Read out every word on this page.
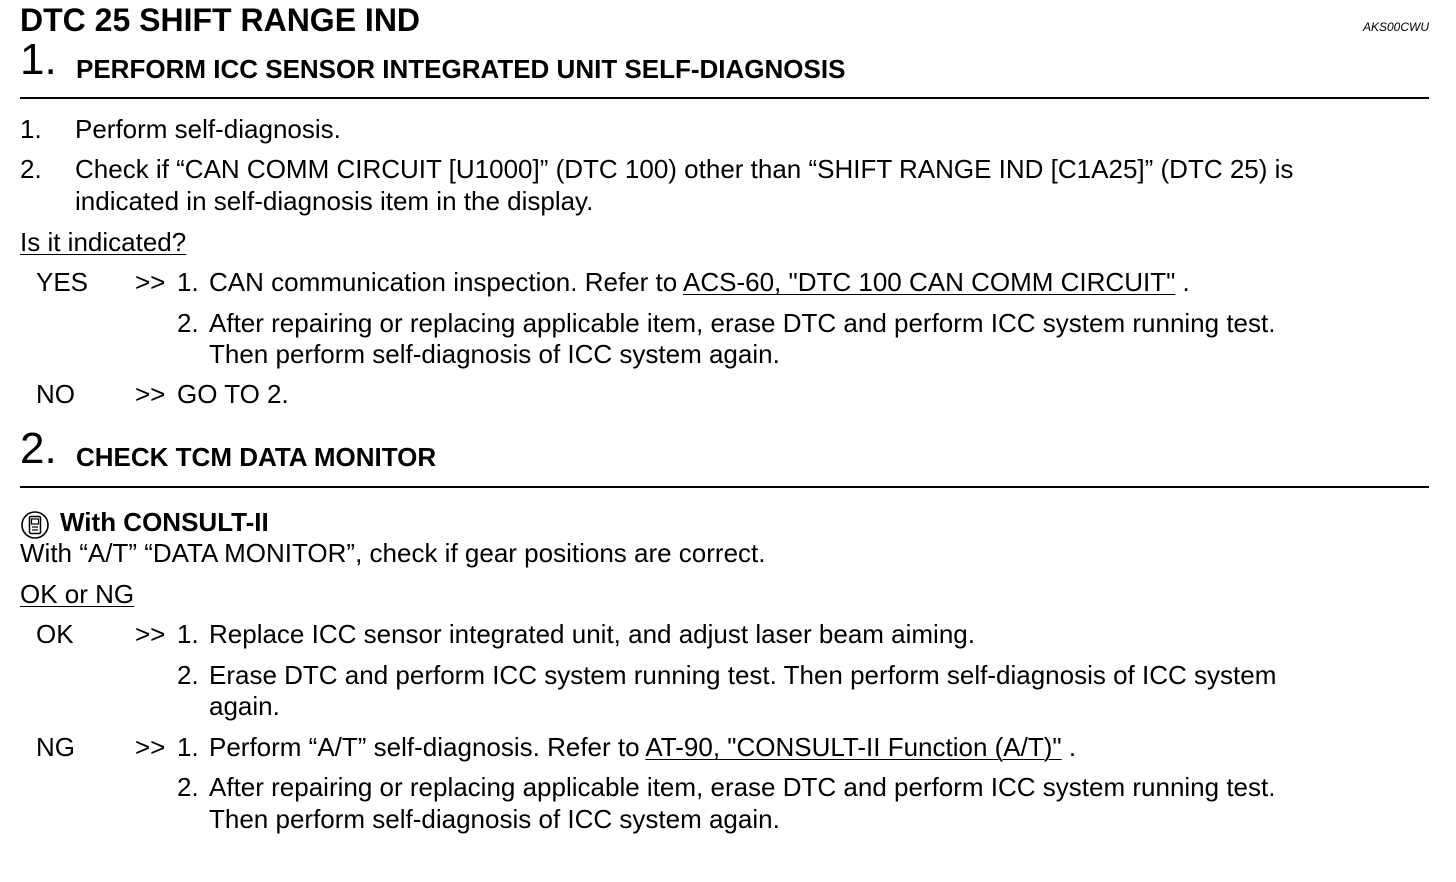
DTC 25 SHIFT RANGE IND	AKS00CWU
1. PERFORM ICC SENSOR INTEGRATED UNIT SELF-DIAGNOSIS
1. Perform self-diagnosis.
2. Check if “CAN COMM CIRCUIT [U1000]” (DTC 100) other than “SHIFT RANGE IND [C1A25]” (DTC 25) is
indicated in self-diagnosis item in the display.
Is it indicated?
YES >> 1. CAN communication inspection. Refer to ACS-60, "DTC 100 CAN COMM CIRCUIT" .
2. After repairing or replacing applicable item, erase DTC and perform ICC system running test.
Then perform self-diagnosis of ICC system again.
NO >> GO TO 2.
2. CHECK TCM DATA MONITOR
With CONSULT-II
With “A/T” “DATA MONITOR”, check if gear positions are correct.
OK or NG
OK >> 1. Replace ICC sensor integrated unit, and adjust laser beam aiming.
2. Erase DTC and perform ICC system running test. Then perform self-diagnosis of ICC system
again.
NG >> 1. Perform “A/T” self-diagnosis. Refer to AT-90, "CONSULT-II Function (A/T)" .
2. After repairing or replacing applicable item, erase DTC and perform ICC system running test.
Then perform self-diagnosis of ICC system again.
